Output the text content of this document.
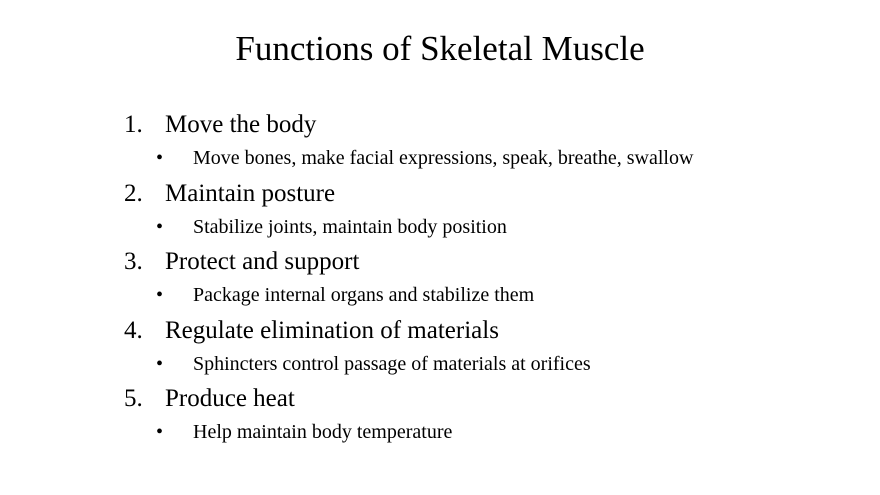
Functions of Skeletal Muscle
1. Move the body
• Move bones, make facial expressions, speak, breathe, swallow
2. Maintain posture
• Stabilize joints, maintain body position
3. Protect and support
• Package internal organs and stabilize them
4. Regulate elimination of materials
• Sphincters control passage of materials at orifices
5. Produce heat
• Help maintain body temperature
